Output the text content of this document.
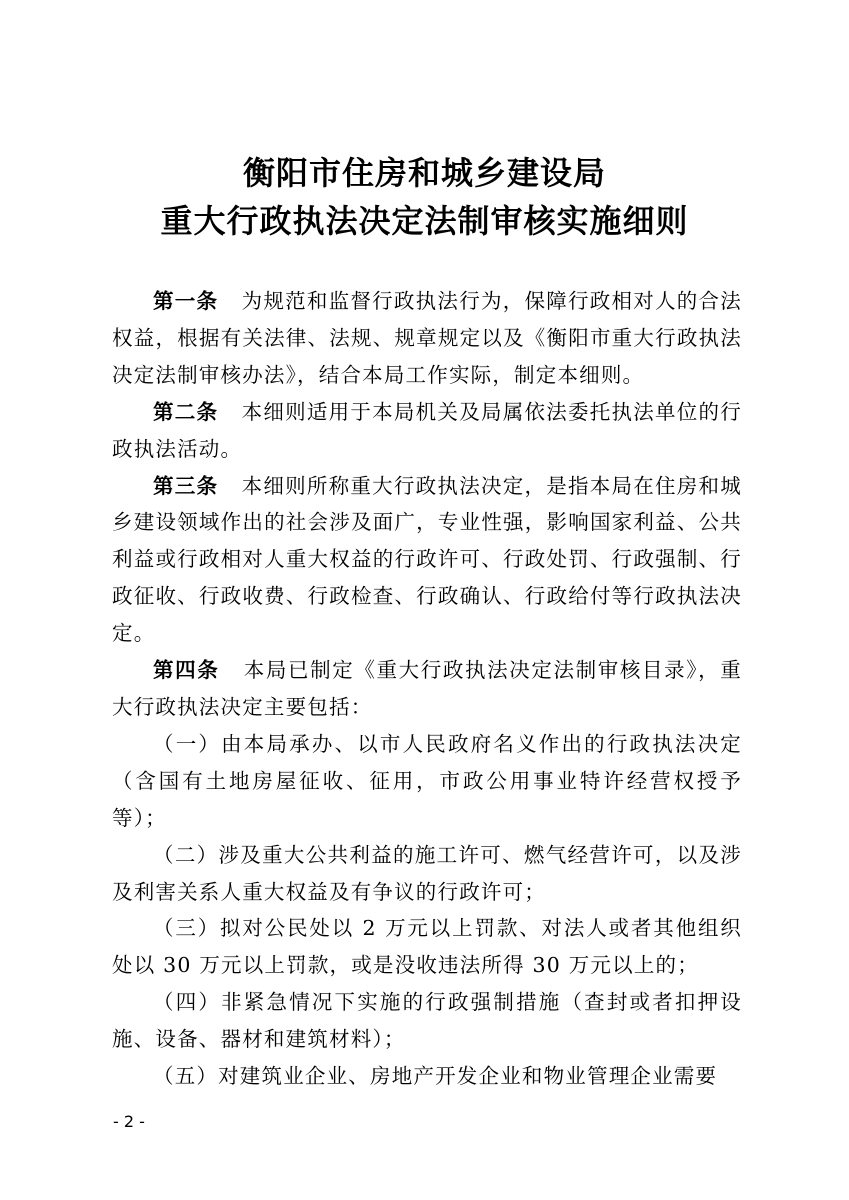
衡阳市住房和城乡建设局
重大行政执法决定法制审核实施细则

第一条 为规范和监督行政执法行为，保障行政相对人的合法权益，根据有关法律、法规、规章规定以及《衡阳市重大行政执法决定法制审核办法》，结合本局工作实际，制定本细则。

第二条 本细则适用于本局机关及局属依法委托执法单位的行政执法活动。

第三条 本细则所称重大行政执法决定，是指本局在住房和城乡建设领域作出的社会涉及面广，专业性强，影响国家利益、公共利益或行政相对人重大权益的行政许可、行政处罚、行政强制、行政征收、行政收费、行政检查、行政确认、行政给付等行政执法决定。

第四条 本局已制定《重大行政执法决定法制审核目录》，重大行政执法决定主要包括：

（一）由本局承办、以市人民政府名义作出的行政执法决定（含国有土地房屋征收、征用，市政公用事业特许经营权授予等）；

（二）涉及重大公共利益的施工许可、燃气经营许可，以及涉及利害关系人重大权益及有争议的行政许可；

（三）拟对公民处以 2 万元以上罚款、对法人或者其他组织处以 30 万元以上罚款，或是没收违法所得 30 万元以上的；

（四）非紧急情况下实施的行政强制措施（查封或者扣押设施、设备、器材和建筑材料）；

（五）对建筑业企业、房地产开发企业和物业管理企业需要

- 2 -
